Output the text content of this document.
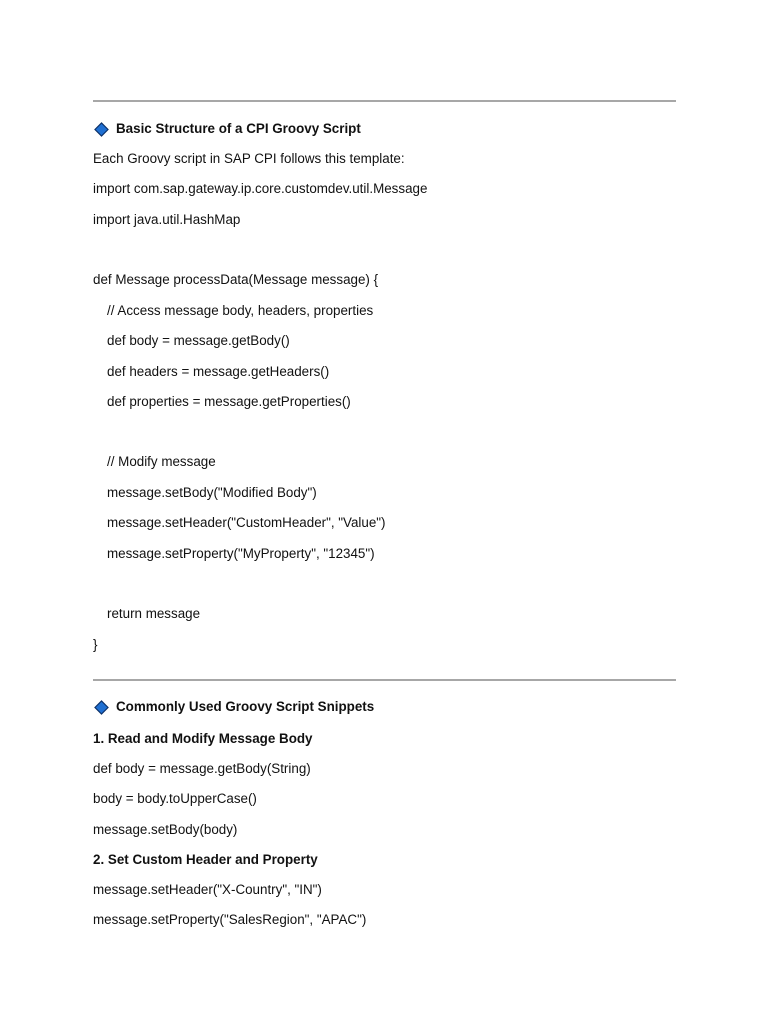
Basic Structure of a CPI Groovy Script
Each Groovy script in SAP CPI follows this template:
import com.sap.gateway.ip.core.customdev.util.Message
import java.util.HashMap
def Message processData(Message message) {
// Access message body, headers, properties
def body = message.getBody()
def headers = message.getHeaders()
def properties = message.getProperties()
// Modify message
message.setBody("Modified Body")
message.setHeader("CustomHeader", "Value")
message.setProperty("MyProperty", "12345")
return message
}
Commonly Used Groovy Script Snippets
1. Read and Modify Message Body
def body = message.getBody(String)
body = body.toUpperCase()
message.setBody(body)
2. Set Custom Header and Property
message.setHeader("X-Country", "IN")
message.setProperty("SalesRegion", "APAC")
